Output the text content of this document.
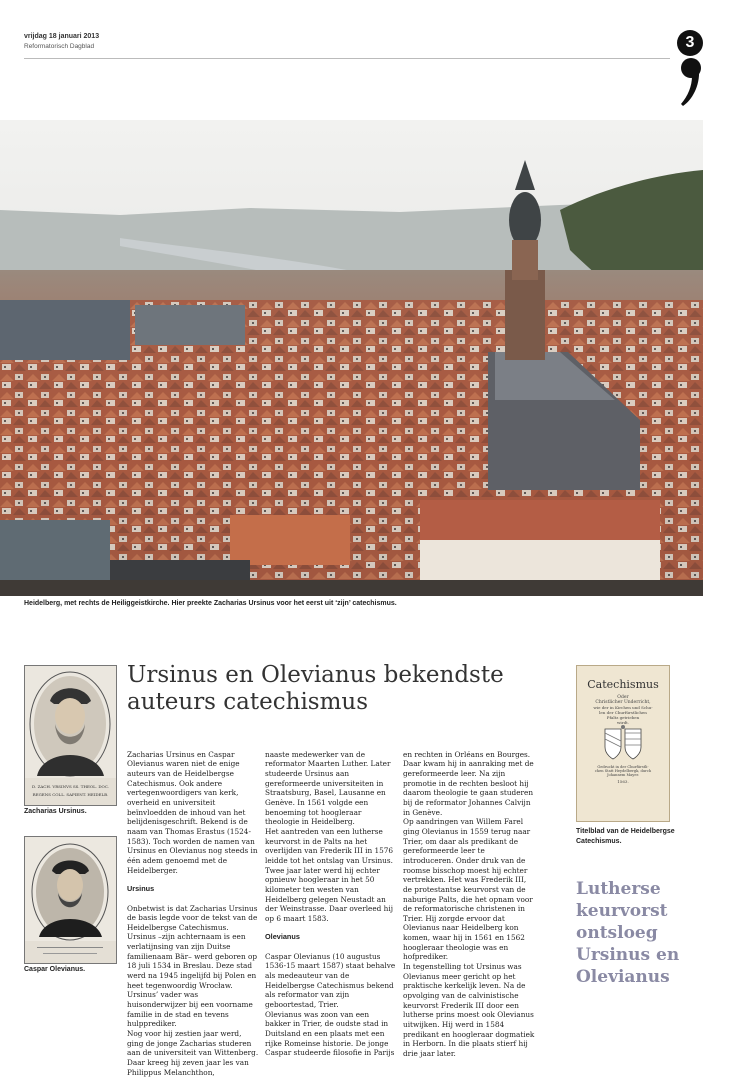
vrijdag 18 januari 2013
Reformatorisch Dagblad	3
Heidelberg, met rechts de Heiliggeistkirche. Hier preekte Zacharias Ursinus voor het eerst uit ‘zijn’ catechismus.
D. ZACH. VRSINVS SS. THEOL. DOC.
REGENS COLL. SAPIENT. HEIDELB.
Zacharias Ursinus.
Caspar Olevianus.
Ursinus en Olevianus bekendste auteurs catechismus

Zacharias Ursinus en Caspar Olevianus waren niet de enige auteurs van de Heidelbergse Catechismus. Ook andere vertegenwoordigers van kerk, overheid en universiteit beïnvloedden de inhoud van het belijdenisgeschrift. Bekend is de naam van Thomas Erastus (1524-1583). Toch worden de namen van Ursinus en Olevianus nog steeds in één adem genoemd met de Heidelberger.

Ursinus

Onbetwist is dat Zacharias Ursinus de basis legde voor de tekst van de Heidelbergse Catechismus. Ursinus –zijn achternaam is een verlatijnsing van zijn Duitse familienaam Bär– werd geboren op 18 juli 1534 in Breslau. Deze stad werd na 1945 ingelijfd bij Polen en heet tegenwoordig Wrocław. Ursinus’ vader was huisonderwijzer bij een voorname familie in de stad en tevens hulpprediker.
Nog voor hij zestien jaar werd, ging de jonge Zacharias studeren aan de universiteit van Wittenberg. Daar kreeg hij zeven jaar les van Philippus Melanchthon,

naaste medewerker van de reformator Maarten Luther. Later studeerde Ursinus aan gereformeerde universiteiten in Straatsburg, Basel, Lausanne en Genève. In 1561 volgde een benoeming tot hoogleraar theologie in Heidelberg.
Het aantreden van een lutherse keurvorst in de Palts na het overlijden van Frederik III in 1576 leidde tot het ontslag van Ursinus. Twee jaar later werd hij echter opnieuw hoogleraar in het 50 kilometer ten westen van Heidelberg gelegen Neustadt an der Weinstrasse. Daar overleed hij op 6 maart 1583.

Olevianus

Caspar Olevianus (10 augustus 1536-15 maart 1587) staat behalve als medeauteur van de Heidelbergse Catechismus bekend als reformator van zijn geboortestad, Trier.
Olevianus was zoon van een bakker in Trier, de oudste stad in Duitsland en een plaats met een rijke Romeinse historie. De jonge Caspar studeerde filosofie in Parijs

en rechten in Orléans en Bourges. Daar kwam hij in aanraking met de gereformeerde leer. Na zijn promotie in de rechten besloot hij daarom theologie te gaan studeren bij de reformator Johannes Calvijn in Genève.
Op aandringen van Willem Farel ging Olevianus in 1559 terug naar Trier, om daar als predikant de gereformeerde leer te introduceren. Onder druk van de roomse bisschop moest hij echter vertrekken. Het was Frederik III, de protestantse keurvorst van de naburige Palts, die het opnam voor de reformatorische christenen in Trier. Hij zorgde ervoor dat Olevianus naar Heidelberg kon komen, waar hij in 1561 en 1562 hoogleraar theologie was en hofprediker.
In tegenstelling tot Ursinus was Olevianus meer gericht op het praktische kerkelijk leven. Na de opvolging van de calvinistische keurvorst Frederik III door een lutherse prins moest ook Olevianus uitwijken. Hij werd in 1584 predikant en hoogleraar dogmatiek in Herborn. In die plaats stierf hij drie jaar later.

Catechismus
Oder
Christlicher Underricht,
wie der in Kirchen und Schu-
len der Churfürstlichen
Pfaltz getrieben
wirdt.
Gedruckt in der Churfürstli-
chen Statt Heydelbergk, durch
Johannem Mayer.
1563.
Titelblad van de Heidelbergse Catechismus.
Lutherse keurvorst ontsloeg Ursinus en Olevianus
